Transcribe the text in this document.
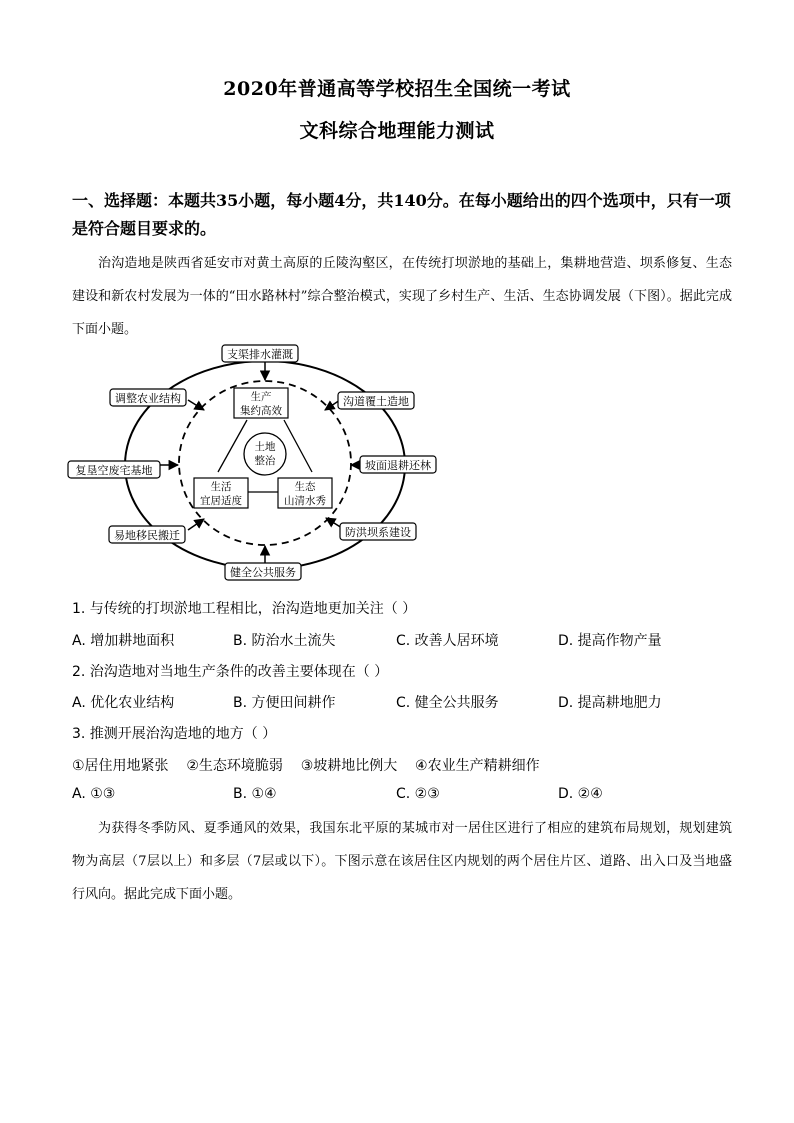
2020年普通高等学校招生全国统一考试
文科综合地理能力测试
一、选择题：本题共35小题，每小题4分，共140分。在每小题给出的四个选项中，只有一项是符合题目要求的。
治沟造地是陕西省延安市对黄土高原的丘陵沟壑区，在传统打坝淤地的基础上，集耕地营造、坝系修复、生态建设和新农村发展为一体的“田水路林村”综合整治模式，实现了乡村生产、生活、生态协调发展（下图）。据此完成下面小题。
土地
整治
生产
集约高效
生活
宜居适度
生态
山清水秀
支渠排水灌溉
调整农业结构	沟道覆土造地
复垦空废宅基地	坡面退耕还林
易地移民搬迁	防洪坝系建设
健全公共服务
1. 与传统的打坝淤地工程相比，治沟造地更加关注（ ）
A. 增加耕地面积	B. 防治水土流失	C. 改善人居环境	D. 提高作物产量
2. 治沟造地对当地生产条件的改善主要体现在（ ）
A. 优化农业结构	B. 方便田间耕作	C. 健全公共服务	D. 提高耕地肥力
3. 推测开展治沟造地的地方（ ）
①居住用地紧张    ②生态环境脆弱    ③坡耕地比例大    ④农业生产精耕细作
A. ①③	B. ①④	C. ②③	D. ②④
为获得冬季防风、夏季通风的效果，我国东北平原的某城市对一居住区进行了相应的建筑布局规划，规划建筑物为高层（7层以上）和多层（7层或以下）。下图示意在该居住区内规划的两个居住片区、道路、出入口及当地盛行风向。据此完成下面小题。
